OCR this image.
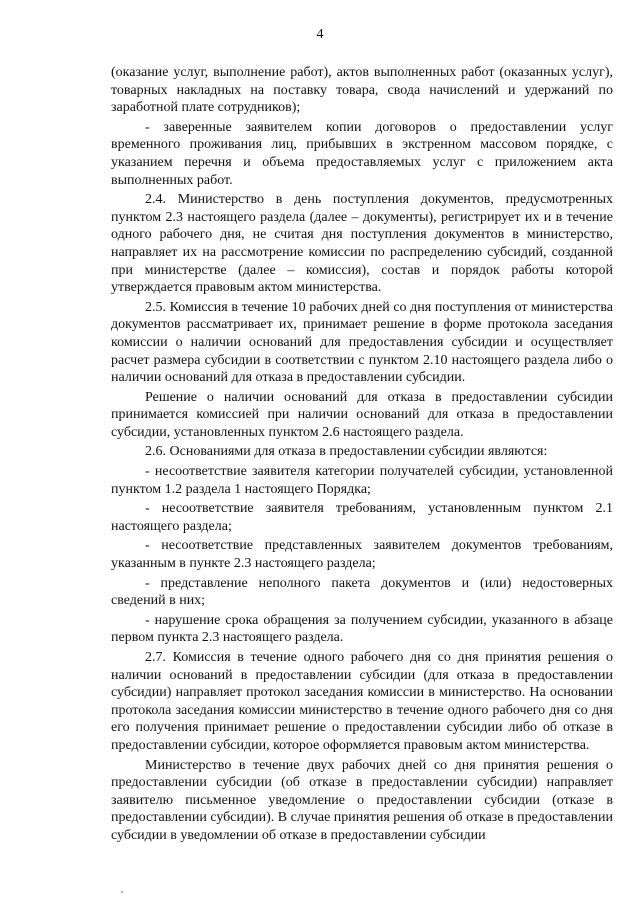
4

(оказание услуг, выполнение работ), актов выполненных работ (оказанных услуг), товарных накладных на поставку товара, свода начислений и удержаний по заработной плате сотрудников);

- заверенные заявителем копии договоров о предоставлении услуг временного проживания лиц, прибывших в экстренном массовом порядке, с указанием перечня и объема предоставляемых услуг с приложением акта выполненных работ.

2.4. Министерство в день поступления документов, предусмотренных пунктом 2.3 настоящего раздела (далее – документы), регистрирует их и в течение одного рабочего дня, не считая дня поступления документов в министерство, направляет их на рассмотрение комиссии по распределению субсидий, созданной при министерстве (далее – комиссия), состав и порядок работы которой утверждается правовым актом министерства.

2.5. Комиссия в течение 10 рабочих дней со дня поступления от министерства документов рассматривает их, принимает решение в форме протокола заседания комиссии о наличии оснований для предоставления субсидии и осуществляет расчет размера субсидии в соответствии с пунктом 2.10 настоящего раздела либо о наличии оснований для отказа в предоставлении субсидии.

Решение о наличии оснований для отказа в предоставлении субсидии принимается комиссией при наличии оснований для отказа в предоставлении субсидии, установленных пунктом 2.6 настоящего раздела.

2.6. Основаниями для отказа в предоставлении субсидии являются:

- несоответствие заявителя категории получателей субсидии, установленной пунктом 1.2 раздела 1 настоящего Порядка;

- несоответствие заявителя требованиям, установленным пунктом 2.1 настоящего раздела;

- несоответствие представленных заявителем документов требованиям, указанным в пункте 2.3 настоящего раздела;

- представление неполного пакета документов и (или) недостоверных сведений в них;

- нарушение срока обращения за получением субсидии, указанного в абзаце первом пункта 2.3 настоящего раздела.

2.7. Комиссия в течение одного рабочего дня со дня принятия решения о наличии оснований в предоставлении субсидии (для отказа в предоставлении субсидии) направляет протокол заседания комиссии в министерство. На основании протокола заседания комиссии министерство в течение одного рабочего дня со дня его получения принимает решение о предоставлении субсидии либо об отказе в предоставлении субсидии, которое оформляется правовым актом министерства.

Министерство в течение двух рабочих дней со дня принятия решения о предоставлении субсидии (об отказе в предоставлении субсидии) направляет заявителю письменное уведомление о предоставлении субсидии (отказе в предоставлении субсидии). В случае принятия решения об отказе в предоставлении субсидии в уведомлении об отказе в предоставлении субсидии
